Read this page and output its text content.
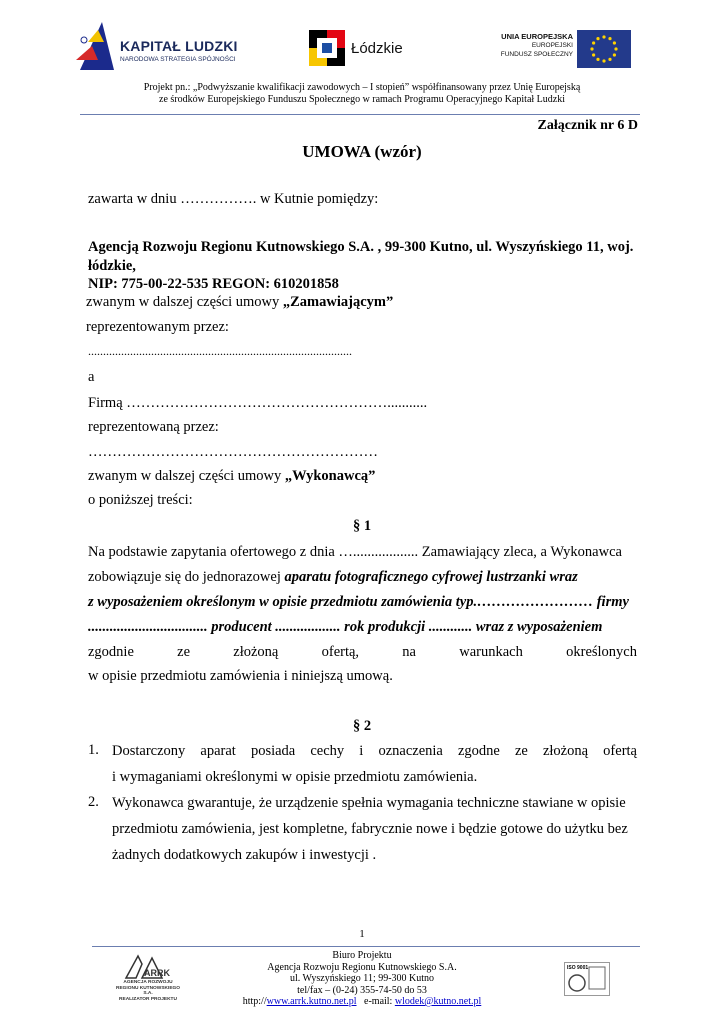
KAPITAŁ LUDZKI
NARODOWA STRATEGIA SPÓJNOŚCI
Łódzkie
UNIA EUROPEJSKA
EUROPEJSKI
FUNDUSZ SPOŁECZNY
Projekt pn.: „Podwyższanie kwalifikacji zawodowych – I stopień” współfinansowany przez Unię Europejską
ze środków Europejskiego Funduszu Społecznego w ramach Programu Operacyjnego Kapitał Ludzki
Załącznik nr 6 D
UMOWA (wzór)
zawarta w dniu ……………. w Kutnie pomiędzy:
Agencją Rozwoju Regionu Kutnowskiego S.A. , 99-300 Kutno, ul. Wyszyńskiego 11, woj.
łódzkie,
NIP: 775-00-22-535 REGON: 610201858
zwanym w dalszej części umowy „Zamawiającym”
reprezentowanym przez:
........................................................................................
a
Firmą ………………………………………………...........
reprezentowaną przez:
……………………………………………………
zwanym w dalszej części umowy „Wykonawcą”
o poniższej treści:
§ 1
Na podstawie zapytania ofertowego z dnia ….................. Zamawiający zleca, a Wykonawca
zobowiązuje się do jednorazowej aparatu fotograficznego cyfrowej lustrzanki wraz
z wyposażeniem określonym w opisie przedmiotu zamówienia typ.…………………… firmy
................................. producent .................. rok produkcji ............ wraz z wyposażeniem
zgodnie ze złożoną ofertą, na warunkach określonych
w opisie przedmiotu zamówienia i niniejszą umową.
§ 2
1. Dostarczony aparat posiada cechy i oznaczenia zgodne ze złożoną ofertą
i wymaganiami określonymi w opisie przedmiotu zamówienia.
2. Wykonawca gwarantuje, że urządzenie spełnia wymagania techniczne stawiane w opisie
przedmiotu zamówienia, jest kompletne, fabrycznie nowe i będzie gotowe do użytku bez
żadnych dodatkowych zakupów i inwestycji .
1
ARRK
AGENCJA ROZWOJU REGIONU KUTNOWSKIEGO S.A.
REALIZATOR PROJEKTU
Biuro Projektu
Agencja Rozwoju Regionu Kutnowskiego S.A.
ul. Wyszyńskiego 11; 99-300 Kutno
tel/fax – (0-24) 355-74-50 do 53
http://www.arrk.kutno.net.pl   e-mail: wlodek@kutno.net.pl
ISO 9001
